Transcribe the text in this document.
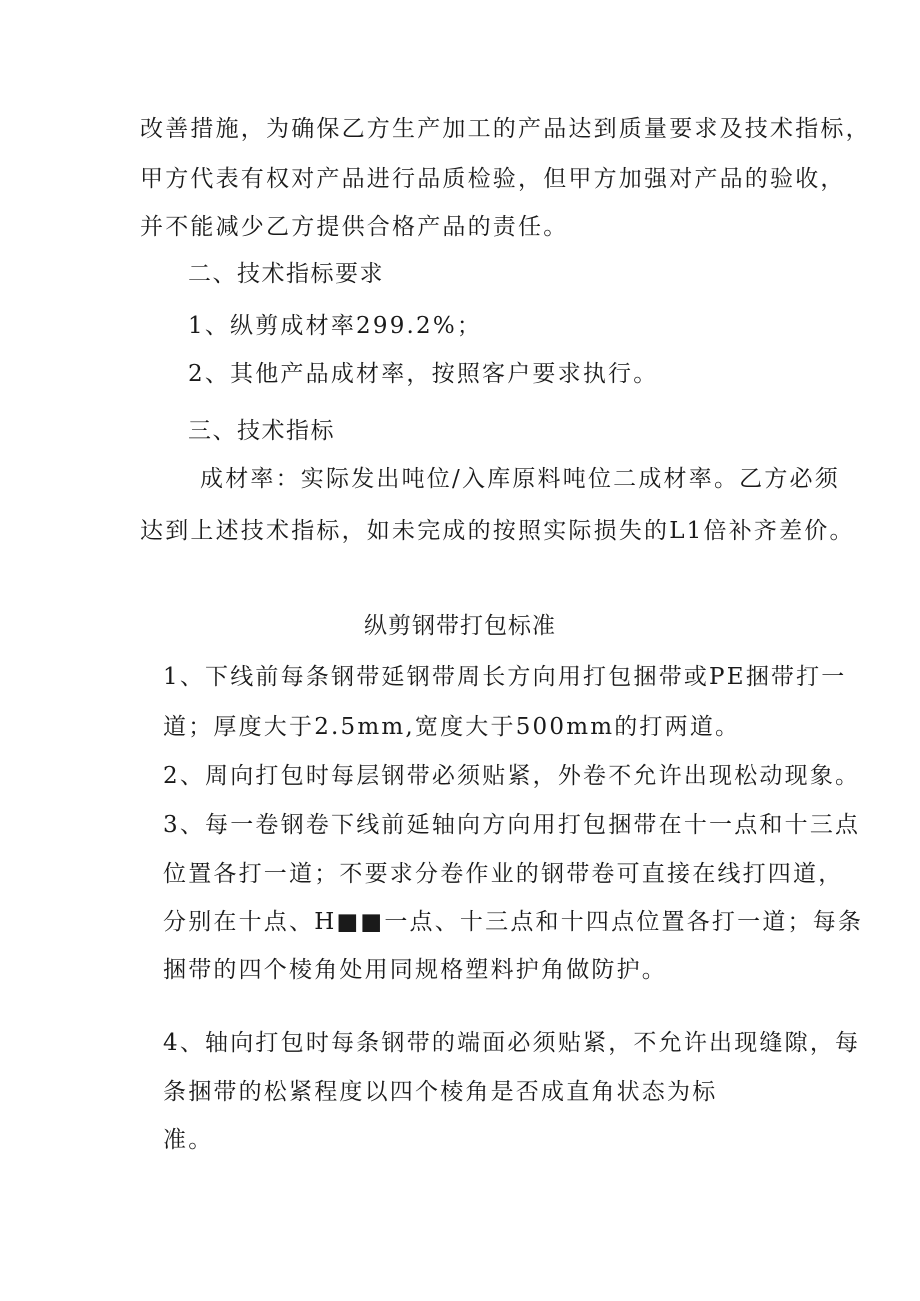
改善措施，为确保乙方生产加工的产品达到质量要求及技术指标，
甲方代表有权对产品进行品质检验，但甲方加强对产品的验收，
并不能减少乙方提供合格产品的责任。
二、技术指标要求
1、纵剪成材率299.2%；
2、其他产品成材率，按照客户要求执行。
三、技术指标
成材率：实际发出吨位/入库原料吨位二成材率。乙方必须
达到上述技术指标，如未完成的按照实际损失的L1倍补齐差价。
纵剪钢带打包标准
1、下线前每条钢带延钢带周长方向用打包捆带或PE捆带打一
道；厚度大于2.5mm,宽度大于500mm的打两道。
2、周向打包时每层钢带必须贴紧，外卷不允许出现松动现象。
3、每一卷钢卷下线前延轴向方向用打包捆带在十一点和十三点
位置各打一道；不要求分卷作业的钢带卷可直接在线打四道，
分别在十点、H■■一点、十三点和十四点位置各打一道；每条
捆带的四个棱角处用同规格塑料护角做防护。
4、轴向打包时每条钢带的端面必须贴紧，不允许出现缝隙，每
条捆带的松紧程度以四个棱角是否成直角状态为标
准。
